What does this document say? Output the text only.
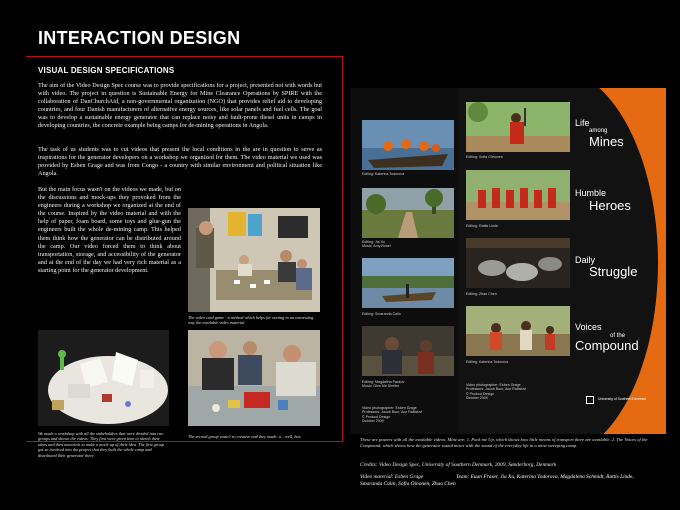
INTERACTION DESIGN
VISUAL DESIGN SPECIFICATIONS

The aim of the Video Design Spec course was to provide specifications for a project, presented not with words but with video. The project in question is Sustainable Energy for Mine Clearance Operations by SPIRE with the collaboration of DanChurchAid, a non-governmental organization (NGO) that provides relief aid to developing countries, and four Danish manufacturers of alternative energy sources, like solar panels and fuel cells. The goal was to develop a sustainable energy generator that can replace noisy and fault-prone diesel units in camps in developing countries, the concrete example being camps for de-mining operations in Angola.

The task of us students was to cut videos that present the local conditions in the are in question to serve as inspirations for the generator developers on a workshop we organized for them. The video material we used was provided by Esben Grage and was from Congo - a country with similar environment and political situation like Angola.

But the main focus wasn't on the videos we made, but on the discussions and mock-ups they provoked from the engineers during a workshop we organized at the end of the course. Inspired by the video material and with the help of paper, foam board, some toys and glue-gun the engineers built the whole de-mining camp. This helped them think how the generator can be distributed around the camp. Our video forced them to think about transportation, storage, and accessibility of the generator and at the end of the day we had very rich material as a starting point for the generator development.

The video card game - a method which helps for sorting in an interesting way the available video material.
We made a workshop with all the stakeholders that were divided into two groups and shown the videos. They first were given time to sketch their ideas and then materials to make a mock-up of their idea. The first group got so involved into the project that they built the whole camp and distributed their generator there.
The second group wasn't so creative and they made, a... well, box.
Editing: Katerina Todorova
Editing: Jia Xu
Music: Amy Rosel
Editing: Smaranda Calin
Editing: Magdalina Paskov
Music: Give Me Shelter
Video photographer: Esben Grage
Professors: Jacob Buur, Ace Raffalovi
© Product Design
October 2009
Editing: Sofia Olmonen
Editing: Rattis Linde
Editing: Zhao Chen
Editing: Katerina Todorova
Video photographer: Esben Grage
Professors: Jacob Buur, Ace Raffalovi
© Product Design
October 2009
Life
among
Mines
Humble
Heroes
Daily
Struggle
Voices
of the
Compound
University of Southern Denmark
These are posters with all the available videos. Mine are: 1. Pack me Up, which shows how little means of transport there are available. 2. The Voices of the Compound, which shows how the generator sound mixes with the sound of the everyday life in a mine sweeping camp.
Credits: Video Design Spec, University of Southern Denmark, 2009, Sønderborg, Denmark
Video material: Esben Grage	Team: Euan Fraser, Jia Xu, Katerina Todorova, Magdalena Schmidt, Rattis Linde,
Smaranda Calin, Sofia Oinonen, Zhao Chen
